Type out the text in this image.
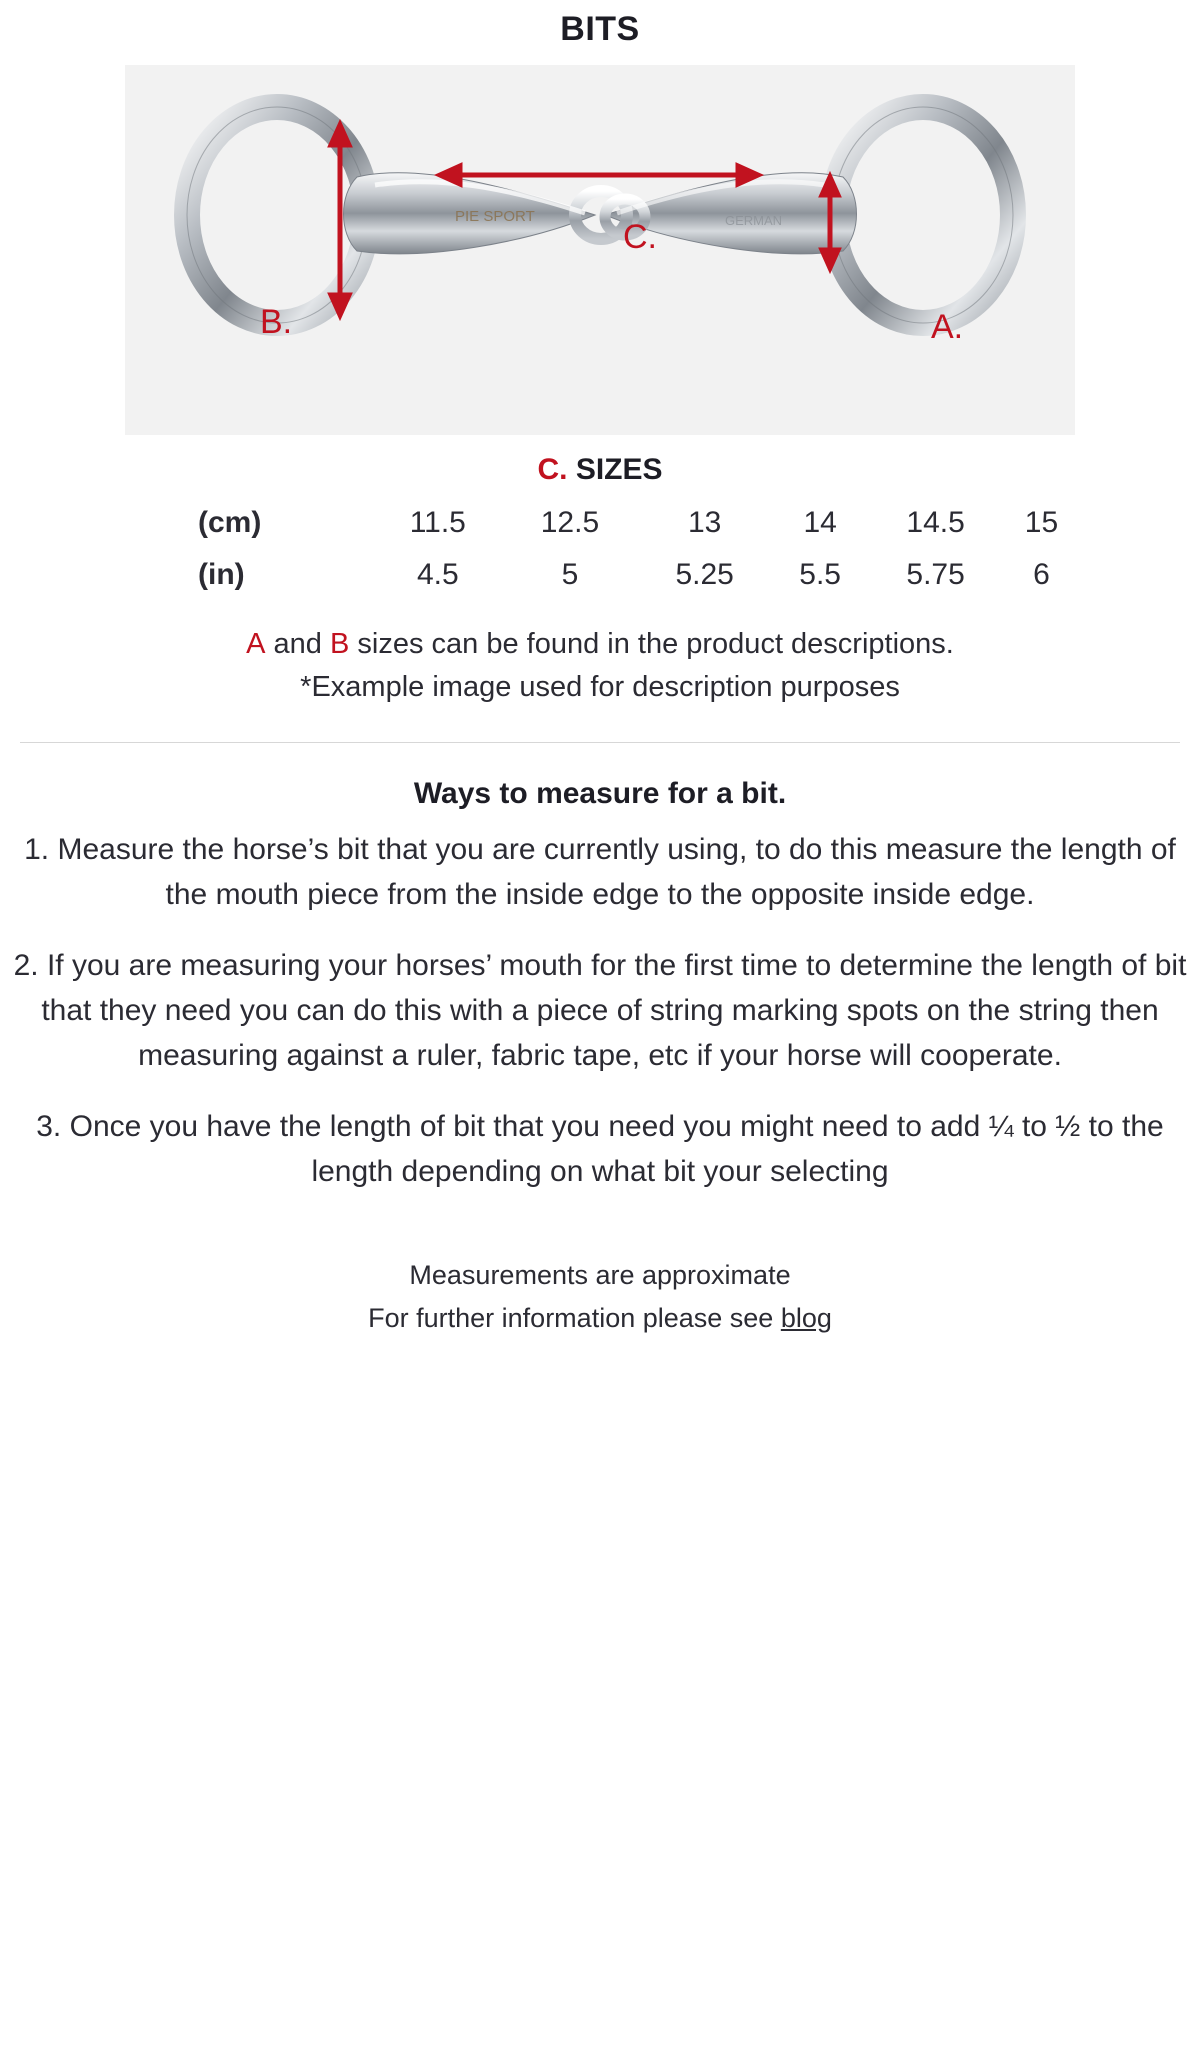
BITS
PIE SPORT	GERMAN
B.	A.
C.
C. SIZES
(cm)	11.5	12.5	13	14	14.5	15
(in)	4.5	5	5.25	5.5	5.75	6
A and B sizes can be found in the product descriptions.
*Example image used for description purposes
Ways to measure for a bit.
1. Measure the horse’s bit that you are currently using, to do this measure the length of the mouth piece from the inside edge to the opposite inside edge.
2. If you are measuring your horses’ mouth for the first time to determine the length of bit that they need you can do this with a piece of string marking spots on the string then measuring against a ruler, fabric tape, etc if your horse will cooperate.
3. Once you have the length of bit that you need you might need to add ¼ to ½ to the length depending on what bit your selecting
Measurements are approximate
For further information please see blog
